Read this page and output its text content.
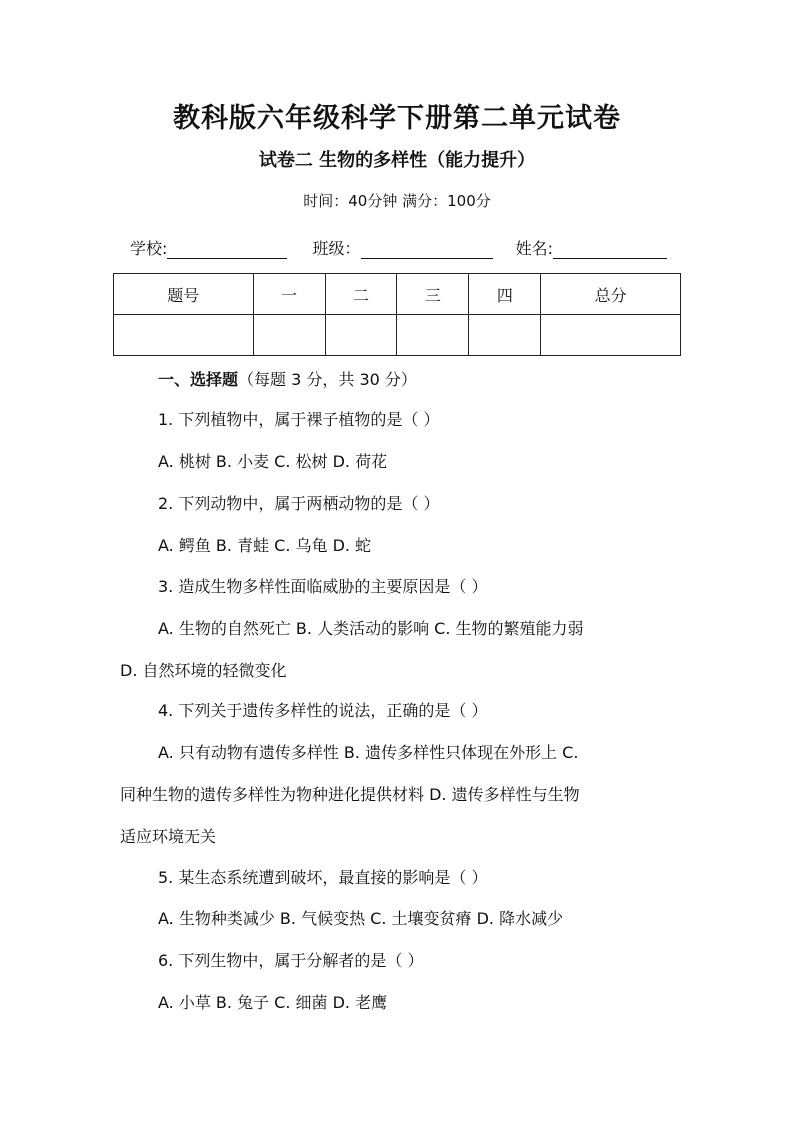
教科版六年级科学下册第二单元试卷
试卷二 生物的多样性（能力提升）
时间：40分钟 满分：100分
学校:	班级：	姓名:
题号	一	二	三	四	总分

一、选择题（每题 3 分，共 30 分）
1. 下列植物中，属于裸子植物的是（ ）
A. 桃树 B. 小麦 C. 松树 D. 荷花
2. 下列动物中，属于两栖动物的是（ ）
A. 鳄鱼 B. 青蛙 C. 乌龟 D. 蛇
3. 造成生物多样性面临威胁的主要原因是（ ）
A. 生物的自然死亡 B. 人类活动的影响 C. 生物的繁殖能力弱
D. 自然环境的轻微变化
4. 下列关于遗传多样性的说法，正确的是（ ）
A. 只有动物有遗传多样性 B. 遗传多样性只体现在外形上 C.
同种生物的遗传多样性为物种进化提供材料 D. 遗传多样性与生物
适应环境无关
5. 某生态系统遭到破坏，最直接的影响是（ ）
A. 生物种类减少 B. 气候变热 C. 土壤变贫瘠 D. 降水减少
6. 下列生物中，属于分解者的是（ ）
A. 小草 B. 兔子 C. 细菌 D. 老鹰
